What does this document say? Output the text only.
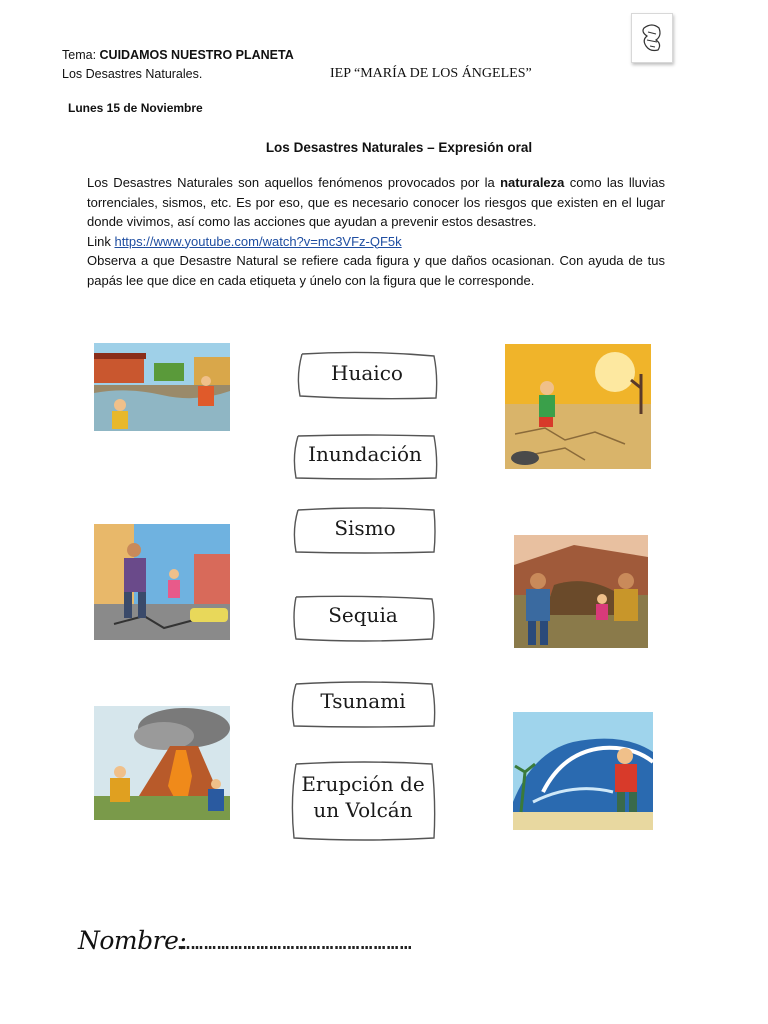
Tema: CUIDAMOS NUESTRO PLANETA
Los Desastres Naturales.	IEP “MARÍA DE LOS ÁNGELES”
Lunes 15 de Noviembre
Los Desastres Naturales – Expresión oral
Los Desastres Naturales son aquellos fenómenos provocados por la naturaleza como las lluvias torrenciales, sismos, etc. Es por eso, que es necesario conocer los riesgos que existen en el lugar donde vivimos, así como las acciones que ayudan a prevenir estos desastres.
Link https://www.youtube.com/watch?v=mc3VFz-QF5k
Observa a que Desastre Natural se refiere cada figura y que daños ocasionan. Con ayuda de tus papás lee que dice en cada etiqueta y únelo con la figura que le corresponde.
Huaico
Inundación
Sismo
Sequia
Tsunami
Erupción de
un Volcán
Nombre:
………………………………………………
